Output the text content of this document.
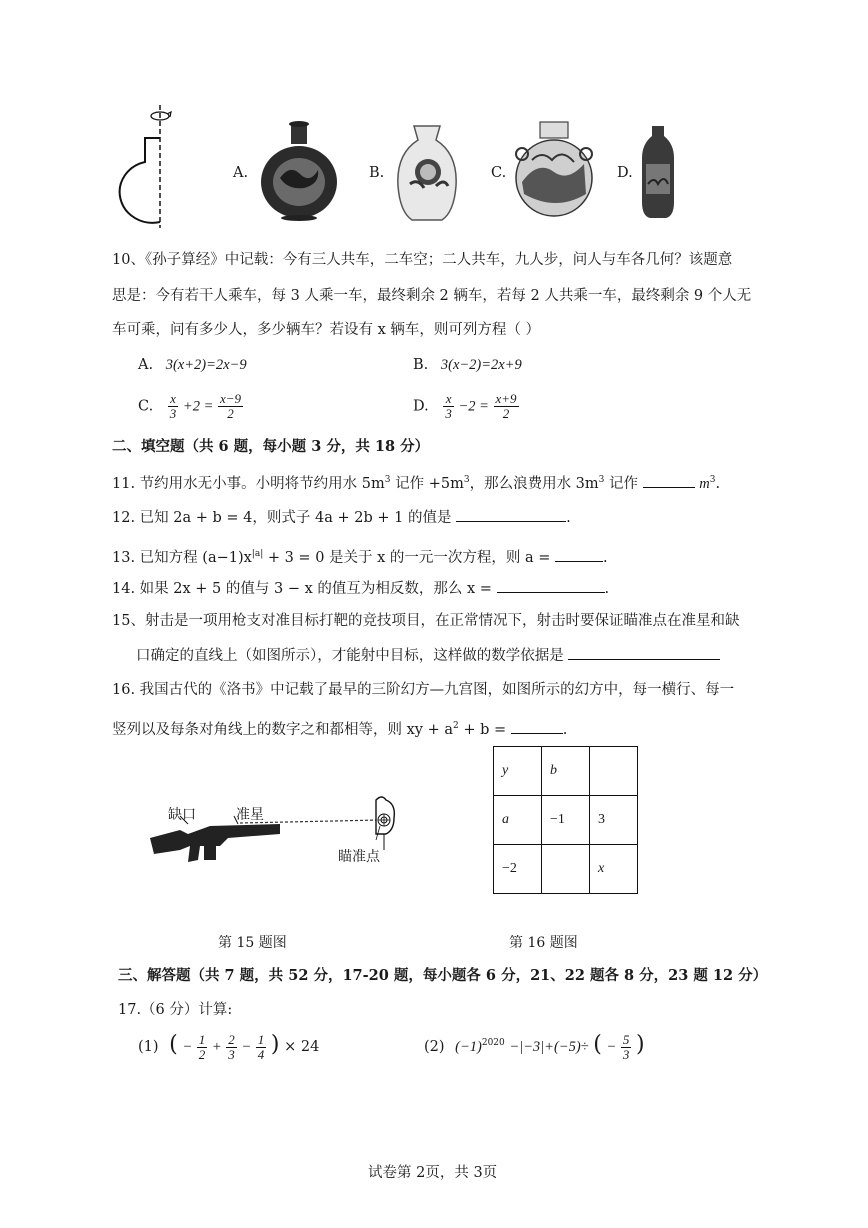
A.	B.	C.	D.
10、《孙子算经》中记载：今有三人共车，二车空；二人共车，九人步，问人与车各几何？该题意
思是：今有若干人乘车，每 3 人乘一车，最终剩余 2 辆车，若每 2 人共乘一车，最终剩余 9 个人无
车可乘，问有多少人，多少辆车？若设有 x 辆车，则可列方程（ ）
A. 3(x+2)=2x−9	B. 3(x−2)=2x+9
C. $\frac{x}{3} +2 = \frac{x-9}{2}$	D. $\frac{x}{3} -2 = \frac{x+9}{2}$
二、填空题（共 6 题，每小题 3 分，共 18 分）
11. 节约用水无小事。小明将节约用水 $5m^3$ 记作 $+5m^3$，那么浪费用水 $3m^3$ 记作	$m^3$.
12. 已知 2a + b = 4，则式子 4a + 2b + 1 的值是	.
13. 已知方程 $(a-1)x^{|a|} + 3 = 0$ 是关于 x 的一元一次方程，则 a =	.
14. 如果 2x + 5 的值与 3 − x 的值互为相反数，那么 x =	.
15、射击是一项用枪支对准目标打靶的竞技项目，在正常情况下，射击时要保证瞄准点在准星和缺
口确定的直线上（如图所示），才能射中目标，这样做的数学依据是
16. 我国古代的《洛书》中记载了最早的三阶幻方—九宫图，如图所示的幻方中，每一横行、每一
竖列以及每条对角线上的数字之和都相等，则 xy + $a^2 + b$ =	.
缺口	准星
瞄准点
第 15 题图
y	b	
a	−1	3
−2		x
第 16 题图
三、解答题（共 7 题，共 52 分，17-20 题，每小题各 6 分，21、22 题各 8 分，23 题 12 分）
17.（6 分）计算:
(1) ( − $\frac{1}{2} + \frac{2}{3} - \frac{1}{4}$ ) × 24	(2) $(-1)^{2020} -|-3|+(-5)\div$ ( − $\frac{5}{3}$ )
试卷第 2页，共 3页
